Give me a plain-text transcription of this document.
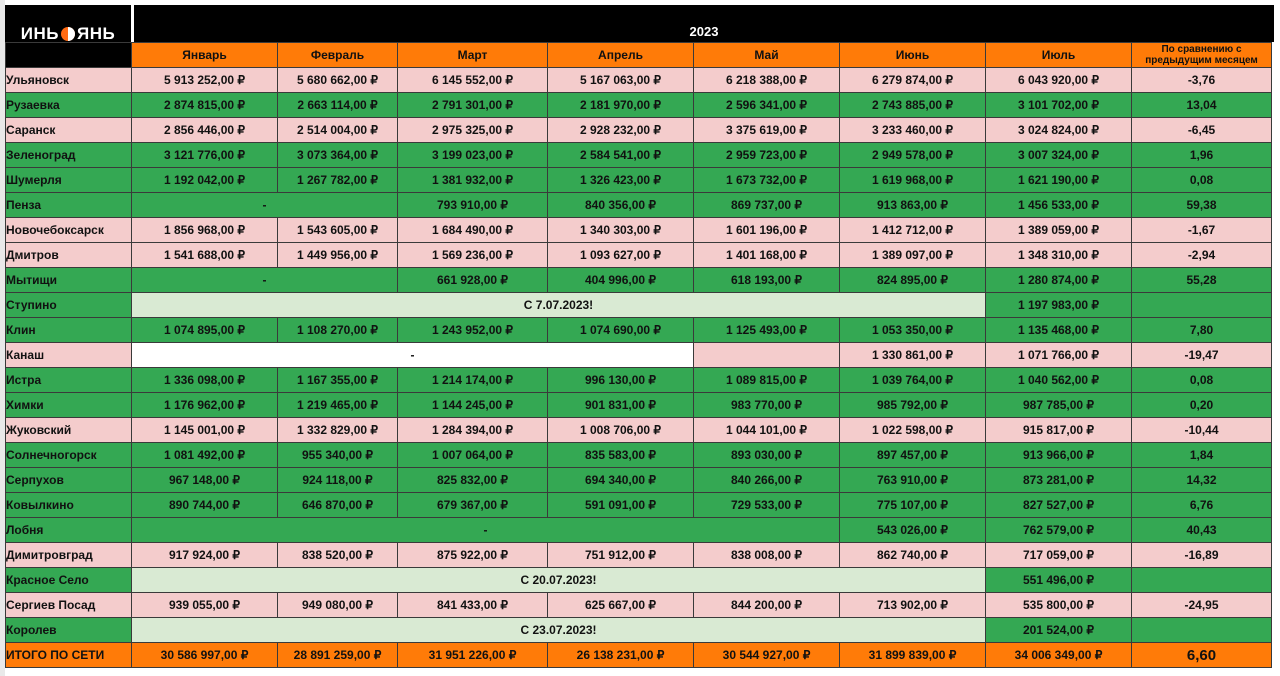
ИНЬ ЯНЬ	2023
	Январь	Февраль	Март	Апрель	Май	Июнь	Июль	По сравнению с предыдущим месяцем
Ульяновск	5 913 252,00 ₽	5 680 662,00 ₽	6 145 552,00 ₽	5 167 063,00 ₽	6 218 388,00 ₽	6 279 874,00 ₽	6 043 920,00 ₽	-3,76
Рузаевка	2 874 815,00 ₽	2 663 114,00 ₽	2 791 301,00 ₽	2 181 970,00 ₽	2 596 341,00 ₽	2 743 885,00 ₽	3 101 702,00 ₽	13,04
Саранск	2 856 446,00 ₽	2 514 004,00 ₽	2 975 325,00 ₽	2 928 232,00 ₽	3 375 619,00 ₽	3 233 460,00 ₽	3 024 824,00 ₽	-6,45
Зеленоград	3 121 776,00 ₽	3 073 364,00 ₽	3 199 023,00 ₽	2 584 541,00 ₽	2 959 723,00 ₽	2 949 578,00 ₽	3 007 324,00 ₽	1,96
Шумерля	1 192 042,00 ₽	1 267 782,00 ₽	1 381 932,00 ₽	1 326 423,00 ₽	1 673 732,00 ₽	1 619 968,00 ₽	1 621 190,00 ₽	0,08
Пенза	-		793 910,00 ₽	840 356,00 ₽	869 737,00 ₽	913 863,00 ₽	1 456 533,00 ₽	59,38
Новочебоксарск	1 856 968,00 ₽	1 543 605,00 ₽	1 684 490,00 ₽	1 340 303,00 ₽	1 601 196,00 ₽	1 412 712,00 ₽	1 389 059,00 ₽	-1,67
Дмитров	1 541 688,00 ₽	1 449 956,00 ₽	1 569 236,00 ₽	1 093 627,00 ₽	1 401 168,00 ₽	1 389 097,00 ₽	1 348 310,00 ₽	-2,94
Мытищи	-		661 928,00 ₽	404 996,00 ₽	618 193,00 ₽	824 895,00 ₽	1 280 874,00 ₽	55,28
Ступино	С 7.07.2023!						1 197 983,00 ₽	
Клин	1 074 895,00 ₽	1 108 270,00 ₽	1 243 952,00 ₽	1 074 690,00 ₽	1 125 493,00 ₽	1 053 350,00 ₽	1 135 468,00 ₽	7,80
Канаш	-					1 330 861,00 ₽	1 071 766,00 ₽	-19,47
Истра	1 336 098,00 ₽	1 167 355,00 ₽	1 214 174,00 ₽	996 130,00 ₽	1 089 815,00 ₽	1 039 764,00 ₽	1 040 562,00 ₽	0,08
Химки	1 176 962,00 ₽	1 219 465,00 ₽	1 144 245,00 ₽	901 831,00 ₽	983 770,00 ₽	985 792,00 ₽	987 785,00 ₽	0,20
Жуковский	1 145 001,00 ₽	1 332 829,00 ₽	1 284 394,00 ₽	1 008 706,00 ₽	1 044 101,00 ₽	1 022 598,00 ₽	915 817,00 ₽	-10,44
Солнечногорск	1 081 492,00 ₽	955 340,00 ₽	1 007 064,00 ₽	835 583,00 ₽	893 030,00 ₽	897 457,00 ₽	913 966,00 ₽	1,84
Серпухов	967 148,00 ₽	924 118,00 ₽	825 832,00 ₽	694 340,00 ₽	840 266,00 ₽	763 910,00 ₽	873 281,00 ₽	14,32
Ковылкино	890 744,00 ₽	646 870,00 ₽	679 367,00 ₽	591 091,00 ₽	729 533,00 ₽	775 107,00 ₽	827 527,00 ₽	6,76
Лобня	-					543 026,00 ₽	762 579,00 ₽	40,43
Димитровград	917 924,00 ₽	838 520,00 ₽	875 922,00 ₽	751 912,00 ₽	838 008,00 ₽	862 740,00 ₽	717 059,00 ₽	-16,89
Красное Село	С 20.07.2023!						551 496,00 ₽	
Сергиев Посад	939 055,00 ₽	949 080,00 ₽	841 433,00 ₽	625 667,00 ₽	844 200,00 ₽	713 902,00 ₽	535 800,00 ₽	-24,95
Королев	С 23.07.2023!						201 524,00 ₽	
ИТОГО ПО СЕТИ	30 586 997,00 ₽	28 891 259,00 ₽	31 951 226,00 ₽	26 138 231,00 ₽	30 544 927,00 ₽	31 899 839,00 ₽	34 006 349,00 ₽	6,60
